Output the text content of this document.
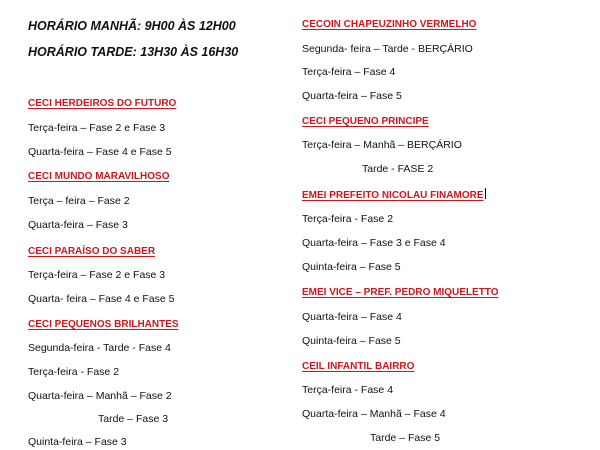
HORÁRIO MANHÃ: 9H00 ÀS 12H00
HORÁRIO TARDE: 13H30 ÀS 16H30
CECI HERDEIROS DO FUTURO
Terça-feira – Fase 2 e Fase 3
Quarta-feira – Fase 4 e Fase 5
CECI MUNDO MARAVILHOSO
Terça – feira – Fase 2
Quarta-feira – Fase 3
CECI PARAÍSO DO SABER
Terça-feira – Fase 2 e Fase 3
Quarta- feira – Fase 4 e Fase 5
CECI PEQUENOS BRILHANTES
Segunda-feira - Tarde - Fase 4
Terça-feira - Fase 2
Quarta-feira – Manhã – Fase 2
Tarde – Fase 3
Quinta-feira – Fase 3
CECOIN CHAPEUZINHO VERMELHO
Segunda- feira – Tarde - BERÇÁRIO
Terça-feira – Fase 4
Quarta-feira – Fase 5
CECI PEQUENO PRINCIPE
Terça-feira – Manhã – BERÇÁRIO
Tarde - FASE 2
EMEI PREFEITO NICOLAU FINAMORE
Terça-feira - Fase 2
Quarta-feira – Fase 3 e Fase 4
Quinta-feira – Fase 5
EMEI VICE – PREF. PEDRO MIQUELETTO
Quarta-feira – Fase 4
Quinta-feira – Fase 5
CEIL INFANTIL BAIRRO
Terça-feira - Fase 4
Quarta-feira – Manhã – Fase 4
Tarde – Fase 5
